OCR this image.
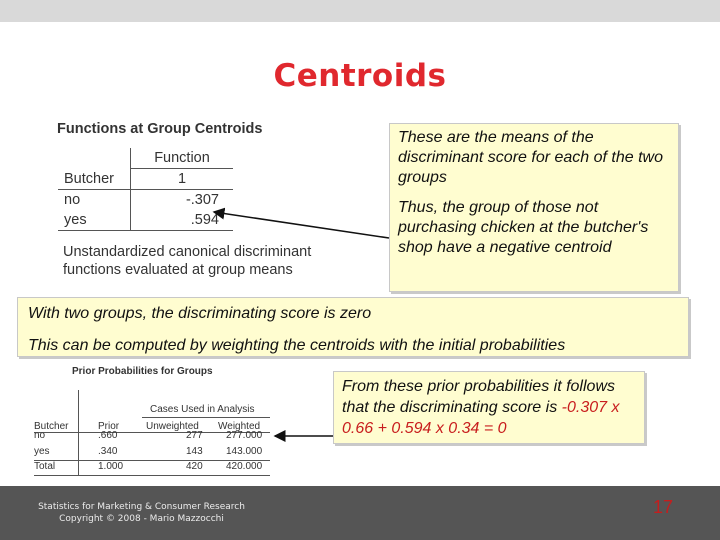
Centroids
Functions at Group Centroids
	Function
Butcher	1
no	-.307
yes	.594
Unstandardized canonical discriminant
functions evaluated at group means

These are the means of the discriminant score for each of the two groups

Thus, the group of those not purchasing chicken at the butcher's shop have a negative centroid

With two groups, the discriminating score is zero

This can be computed by weighting the centroids with the initial probabilities

Prior Probabilities for Groups
Cases Used in Analysis
Butcher	Prior	Unweighted Weighted
no	.660	277 277.000
yes	.340	143 143.000
Total	1.000	420 420.000
From these prior probabilities it follows that the discriminating score is -0.307 x 0.66 + 0.594 x 0.34 = 0
Statistics for Marketing & Consumer Research
Copyright © 2008 - Mario Mazzocchi
17
